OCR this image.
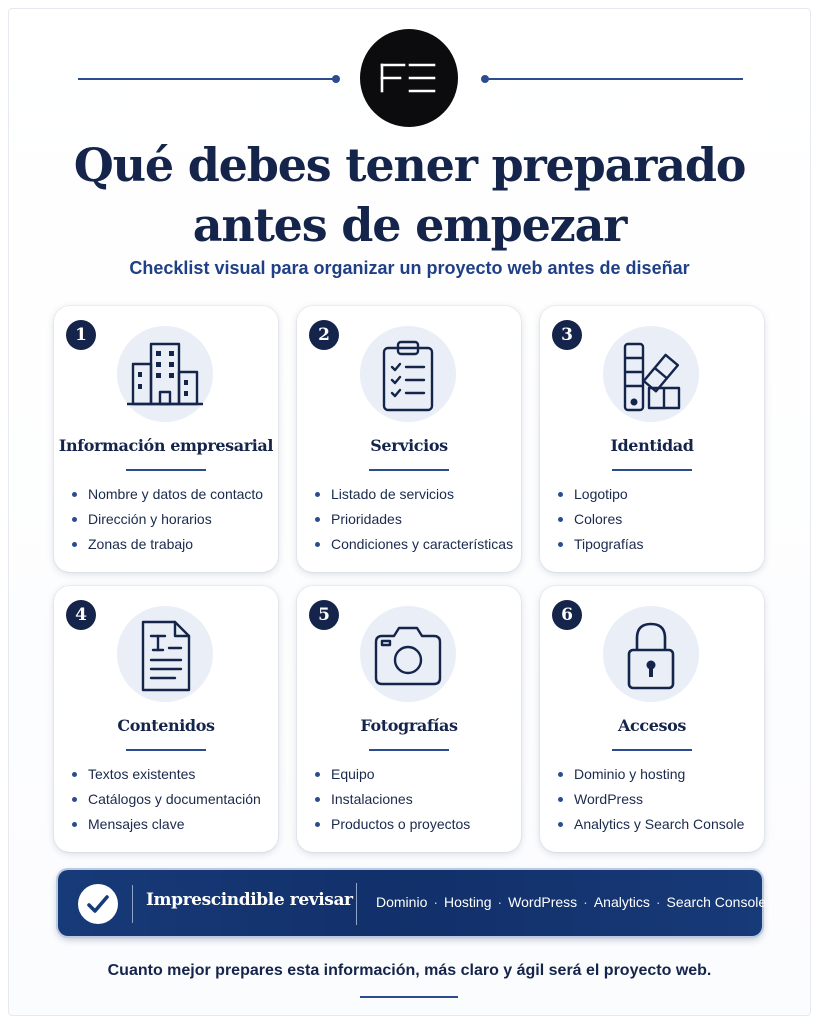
Qué debes tener preparado
antes de empezar
Checklist visual para organizar un proyecto web antes de diseñar
1
Información empresarial
Nombre y datos de contacto
Dirección y horarios
Zonas de trabajo
2
Servicios
Listado de servicios
Prioridades
Condiciones y características
3
Identidad
Logotipo
Colores
Tipografías
4
Contenidos
Textos existentes
Catálogos y documentación
Mensajes clave
5
Fotografías
Equipo
Instalaciones
Productos o proyectos
6
Accesos
Dominio y hosting
WordPress
Analytics y Search Console
Imprescindible revisar Dominio · Hosting · WordPress · Analytics · Search Console
Cuanto mejor prepares esta información, más claro y ágil será el proyecto web.
